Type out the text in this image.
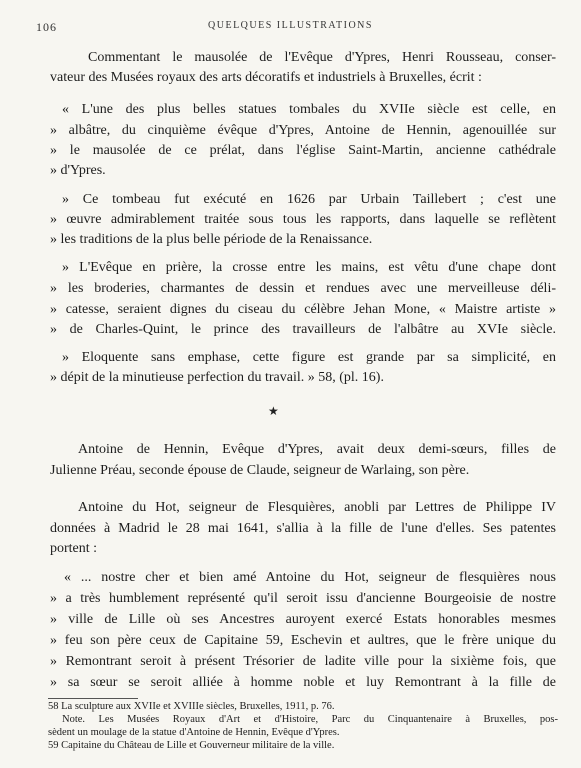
106	QUELQUES ILLUSTRATIONS
Commentant le mausolée de l'Evêque d'Ypres, Henri Rousseau, conser-
vateur des Musées royaux des arts décoratifs et industriels à Bruxelles, écrit :
« L'une des plus belles statues tombales du XVIIe siècle est celle, en
» albâtre, du cinquième évêque d'Ypres, Antoine de Hennin, agenouillée sur
» le mausolée de ce prélat, dans l'église Saint-Martin, ancienne cathédrale
» d'Ypres.
» Ce tombeau fut exécuté en 1626 par Urbain Taillebert ; c'est une
» œuvre admirablement traitée sous tous les rapports, dans laquelle se reflètent
» les traditions de la plus belle période de la Renaissance.
» L'Evêque en prière, la crosse entre les mains, est vêtu d'une chape dont
» les broderies, charmantes de dessin et rendues avec une merveilleuse déli-
» catesse, seraient dignes du ciseau du célèbre Jehan Mone, « Maistre artiste »
» de Charles-Quint, le prince des travailleurs de l'albâtre au XVIe siècle.
» Eloquente sans emphase, cette figure est grande par sa simplicité, en
» dépit de la minutieuse perfection du travail. » 58, (pl. 16).
★
Antoine de Hennin, Evêque d'Ypres, avait deux demi-sœurs, filles de
Julienne Préau, seconde épouse de Claude, seigneur de Warlaing, son père.
Antoine du Hot, seigneur de Flesquières, anobli par Lettres de Philippe IV
données à Madrid le 28 mai 1641, s'allia à la fille de l'une d'elles. Ses patentes
portent :
« ... nostre cher et bien amé Antoine du Hot, seigneur de flesquières nous
» a très humblement représenté qu'il seroit issu d'ancienne Bourgeoisie de nostre
» ville de Lille où ses Ancestres auroyent exercé Estats honorables mesmes
» feu son père ceux de Capitaine 59, Eschevin et aultres, que le frère unique du
» Remontrant seroit à présent Trésorier de ladite ville pour la sixième fois, que
» sa sœur se seroit alliée à homme noble et luy Remontrant à la fille de
58 La sculpture aux XVIIe et XVIIIe siècles, Bruxelles, 1911, p. 76.
Note. Les Musées Royaux d'Art et d'Histoire, Parc du Cinquantenaire à Bruxelles, pos-
sèdent un moulage de la statue d'Antoine de Hennin, Evêque d'Ypres.
59 Capitaine du Château de Lille et Gouverneur militaire de la ville.
